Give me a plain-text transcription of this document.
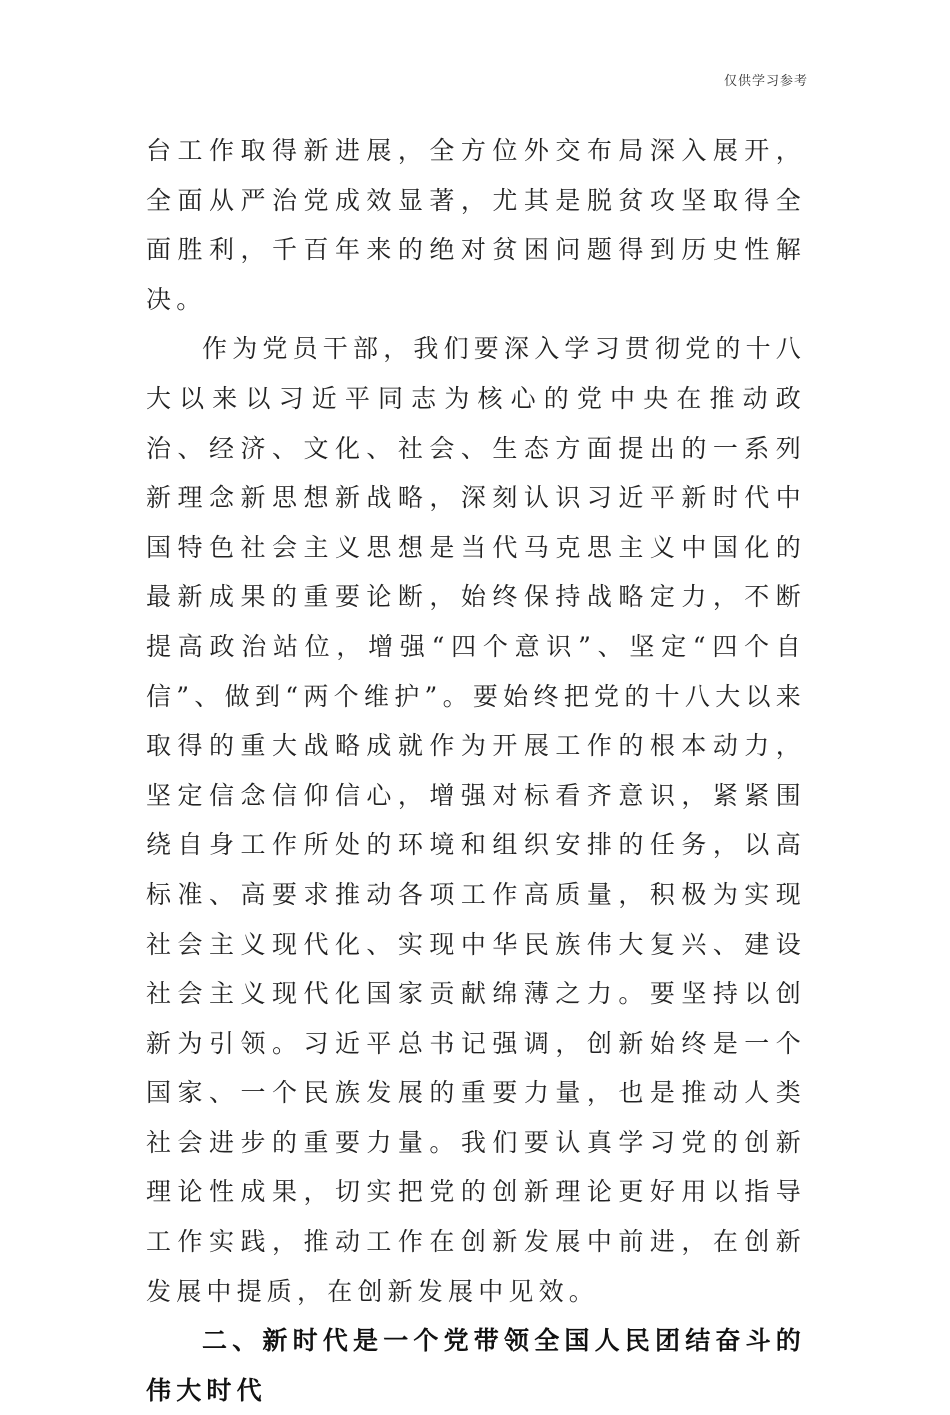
仅供学习参考

台工作取得新进展，全方位外交布局深入展开，全面从严治党成效显著，尤其是脱贫攻坚取得全面胜利，千百年来的绝对贫困问题得到历史性解决。

作为党员干部，我们要深入学习贯彻党的十八大以来以习近平同志为核心的党中央在推动政治、经济、文化、社会、生态方面提出的一系列新理念新思想新战略，深刻认识习近平新时代中国特色社会主义思想是当代马克思主义中国化的最新成果的重要论断，始终保持战略定力，不断提高政治站位，增强“四个意识”、坚定“四个自信”、做到“两个维护”。要始终把党的十八大以来取得的重大战略成就作为开展工作的根本动力，坚定信念信仰信心，增强对标看齐意识，紧紧围绕自身工作所处的环境和组织安排的任务，以高标准、高要求推动各项工作高质量，积极为实现社会主义现代化、实现中华民族伟大复兴、建设社会主义现代化国家贡献绵薄之力。要坚持以创新为引领。习近平总书记强调，创新始终是一个国家、一个民族发展的重要力量，也是推动人类社会进步的重要力量。我们要认真学习党的创新理论性成果，切实把党的创新理论更好用以指导工作实践，推动工作在创新发展中前进，在创新发展中提质，在创新发展中见效。

二、新时代是一个党带领全国人民团结奋斗的伟大时代
